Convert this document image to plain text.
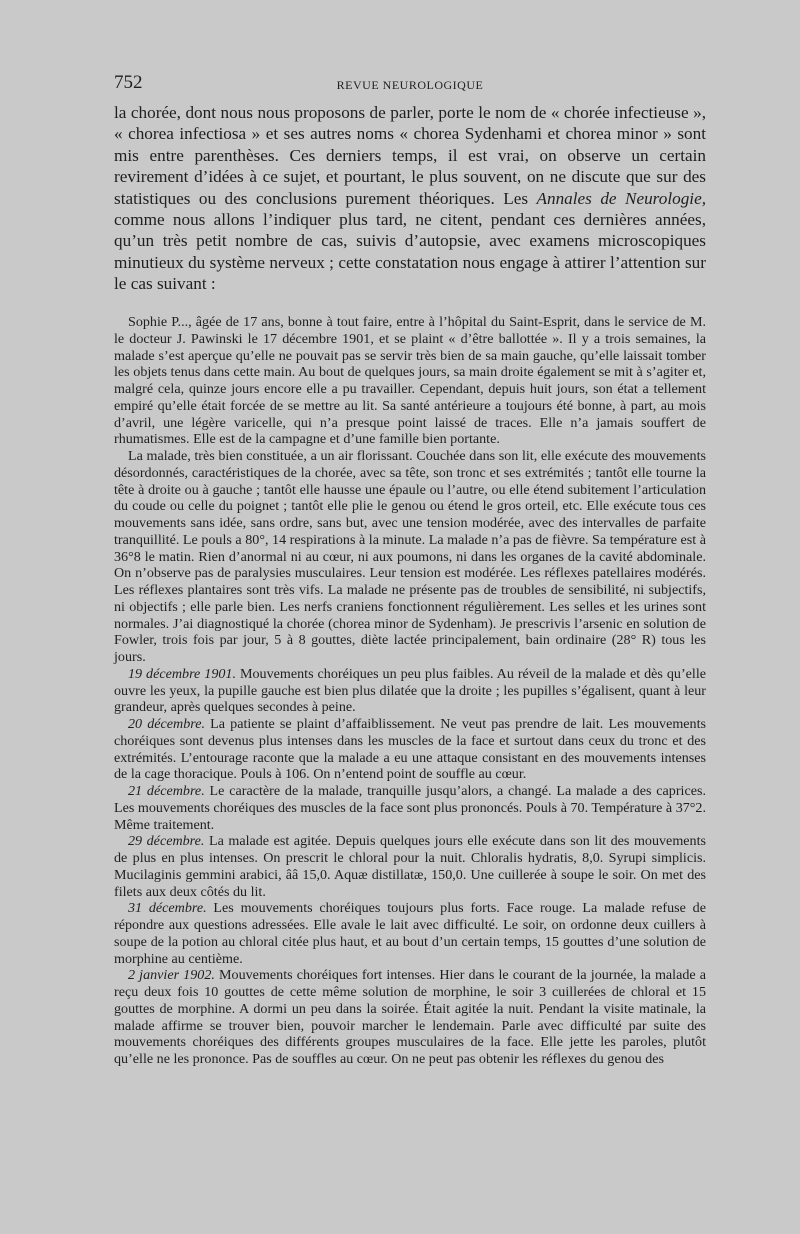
752	REVUE NEUROLOGIQUE

la chorée, dont nous nous proposons de parler, porte le nom de « chorée infectieuse », « chorea infectiosa » et ses autres noms « chorea Sydenhami et chorea minor » sont mis entre parenthèses. Ces derniers temps, il est vrai, on observe un certain revirement d’idées à ce sujet, et pourtant, le plus souvent, on ne discute que sur des statistiques ou des conclusions purement théoriques. Les Annales de Neurologie, comme nous allons l’indiquer plus tard, ne citent, pendant ces dernières années, qu’un très petit nombre de cas, suivis d’autopsie, avec examens microscopiques minutieux du système nerveux ; cette constatation nous engage à attirer l’attention sur le cas suivant :

Sophie P..., âgée de 17 ans, bonne à tout faire, entre à l’hôpital du Saint-Esprit, dans le service de M. le docteur J. Pawinski le 17 décembre 1901, et se plaint « d’être ballottée ». Il y a trois semaines, la malade s’est aperçue qu’elle ne pouvait pas se servir très bien de sa main gauche, qu’elle laissait tomber les objets tenus dans cette main. Au bout de quelques jours, sa main droite également se mit à s’agiter et, malgré cela, quinze jours encore elle a pu travailler. Cependant, depuis huit jours, son état a tellement empiré qu’elle était forcée de se mettre au lit. Sa santé antérieure a toujours été bonne, à part, au mois d’avril, une légère varicelle, qui n’a presque point laissé de traces. Elle n’a jamais souffert de rhumatismes. Elle est de la campagne et d’une famille bien portante.

La malade, très bien constituée, a un air florissant. Couchée dans son lit, elle exécute des mouvements désordonnés, caractéristiques de la chorée, avec sa tête, son tronc et ses extrémités ; tantôt elle tourne la tête à droite ou à gauche ; tantôt elle hausse une épaule ou l’autre, ou elle étend subitement l’articulation du coude ou celle du poignet ; tantôt elle plie le genou ou étend le gros orteil, etc. Elle exécute tous ces mouvements sans idée, sans ordre, sans but, avec une tension modérée, avec des intervalles de parfaite tranquillité. Le pouls a 80°, 14 respirations à la minute. La malade n’a pas de fièvre. Sa température est à 36°8 le matin. Rien d’anormal ni au cœur, ni aux poumons, ni dans les organes de la cavité abdominale. On n’observe pas de paralysies musculaires. Leur tension est modérée. Les réflexes patellaires modérés. Les réflexes plantaires sont très vifs. La malade ne présente pas de troubles de sensibilité, ni subjectifs, ni objectifs ; elle parle bien. Les nerfs craniens fonctionnent régulièrement. Les selles et les urines sont normales. J’ai diagnostiqué la chorée (chorea minor de Sydenham). Je prescrivis l’arsenic en solution de Fowler, trois fois par jour, 5 à 8 gouttes, diète lactée principalement, bain ordinaire (28° R) tous les jours.

19 décembre 1901. Mouvements choréiques un peu plus faibles. Au réveil de la malade et dès qu’elle ouvre les yeux, la pupille gauche est bien plus dilatée que la droite ; les pupilles s’égalisent, quant à leur grandeur, après quelques secondes à peine.

20 décembre. La patiente se plaint d’affaiblissement. Ne veut pas prendre de lait. Les mouvements choréiques sont devenus plus intenses dans les muscles de la face et surtout dans ceux du tronc et des extrémités. L’entourage raconte que la malade a eu une attaque consistant en des mouvements intenses de la cage thoracique. Pouls à 106. On n’entend point de souffle au cœur.

21 décembre. Le caractère de la malade, tranquille jusqu’alors, a changé. La malade a des caprices. Les mouvements choréiques des muscles de la face sont plus prononcés. Pouls à 70. Température à 37°2. Même traitement.

29 décembre. La malade est agitée. Depuis quelques jours elle exécute dans son lit des mouvements de plus en plus intenses. On prescrit le chloral pour la nuit. Chloralis hydratis, 8,0. Syrupi simplicis. Mucilaginis gemmini arabici, ââ 15,0. Aquæ distillatæ, 150,0. Une cuillerée à soupe le soir. On met des filets aux deux côtés du lit.

31 décembre. Les mouvements choréiques toujours plus forts. Face rouge. La malade refuse de répondre aux questions adressées. Elle avale le lait avec difficulté. Le soir, on ordonne deux cuillers à soupe de la potion au chloral citée plus haut, et au bout d’un certain temps, 15 gouttes d’une solution de morphine au centième.

2 janvier 1902. Mouvements choréiques fort intenses. Hier dans le courant de la journée, la malade a reçu deux fois 10 gouttes de cette même solution de morphine, le soir 3 cuillerées de chloral et 15 gouttes de morphine. A dormi un peu dans la soirée. Était agitée la nuit. Pendant la visite matinale, la malade affirme se trouver bien, pouvoir marcher le lendemain. Parle avec difficulté par suite des mouvements choréiques des différents groupes musculaires de la face. Elle jette les paroles, plutôt qu’elle ne les prononce. Pas de souffles au cœur. On ne peut pas obtenir les réflexes du genou des
